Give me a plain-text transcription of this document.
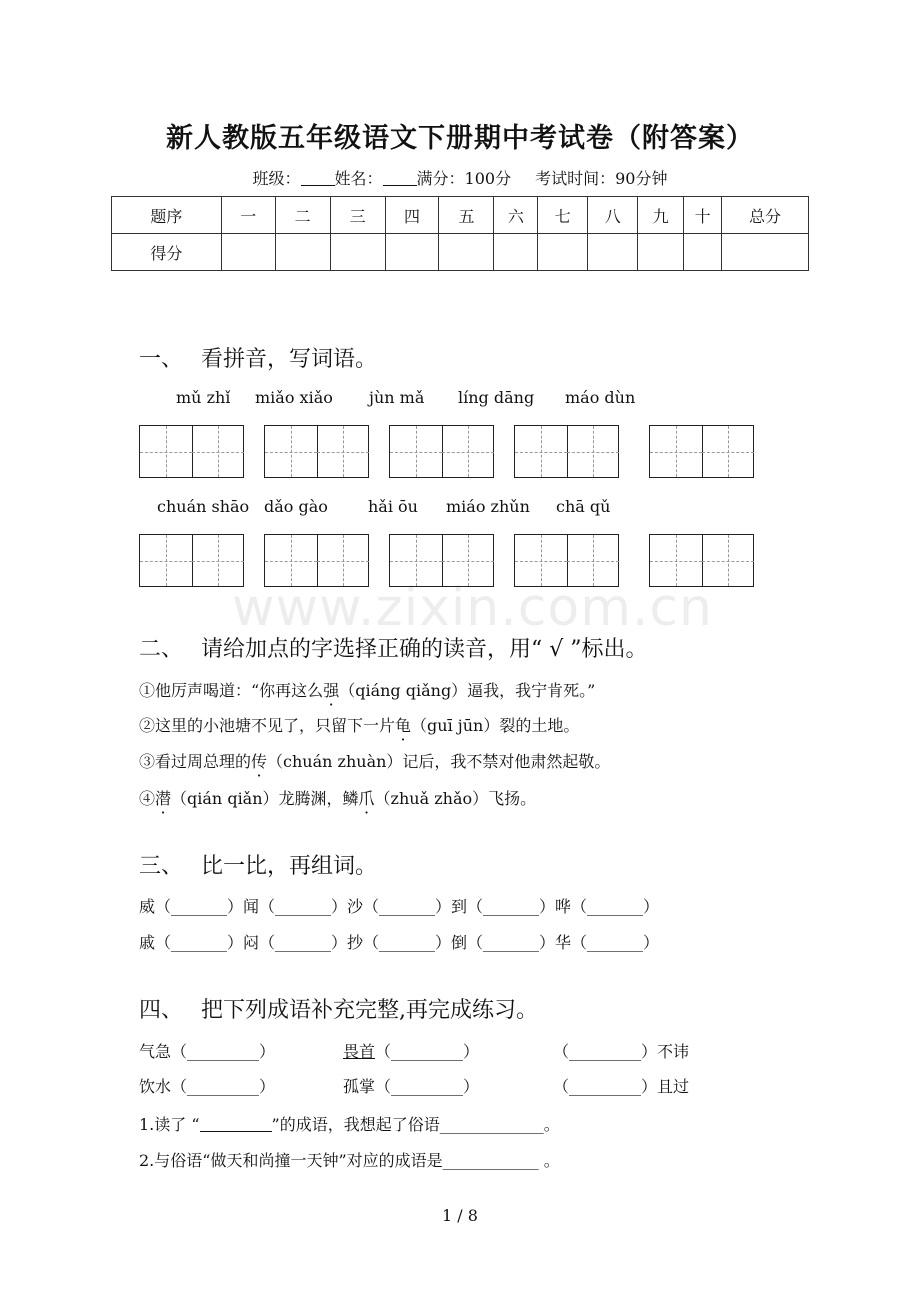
新人教版五年级语文下册期中考试卷（附答案）
班级： 姓名： 满分：100分 考试时间：90分钟
题序	一	二	三	四	五	六	七	八	九	十	总分
得分											
一、 看拼音，写词语。
mǔ zhǐ miǎo xiǎo jùn mǎ líng dāng máo dùn
chuán shāo dǎo gào	hǎi ōu miáo zhǔn chā qǔ
www.zixin.com.cn
二、 请给加点的字选择正确的读音，用“ √ ”标出。
①他厉声喝道：“你再这么强（qiáng qiǎng）逼我，我宁肯死。”
②这里的小池塘不见了，只留下一片龟（guī jūn）裂的土地。
③看过周总理的传（chuán zhuàn）记后，我不禁对他肃然起敬。
④潜（qián qiǎn）龙腾渊，鳞爪（zhuǎ zhǎo）飞扬。
三、 比一比，再组词。
威（_______）闻（_______）沙（_______）到（_______）哗（_______）
戚（_______）闷（_______）抄（_______）倒（_______）华（_______）
四、 把下列成语补充完整,再完成练习。
气急（_________）	畏首（_________）	（_________）不讳
饮水（_________）	孤掌（_________）	（_________）且过
1.读了 “	”的成语，我想起了俗语_____________。
2.与俗语“做天和尚撞一天钟”对应的成语是____________ 。
1 / 8
